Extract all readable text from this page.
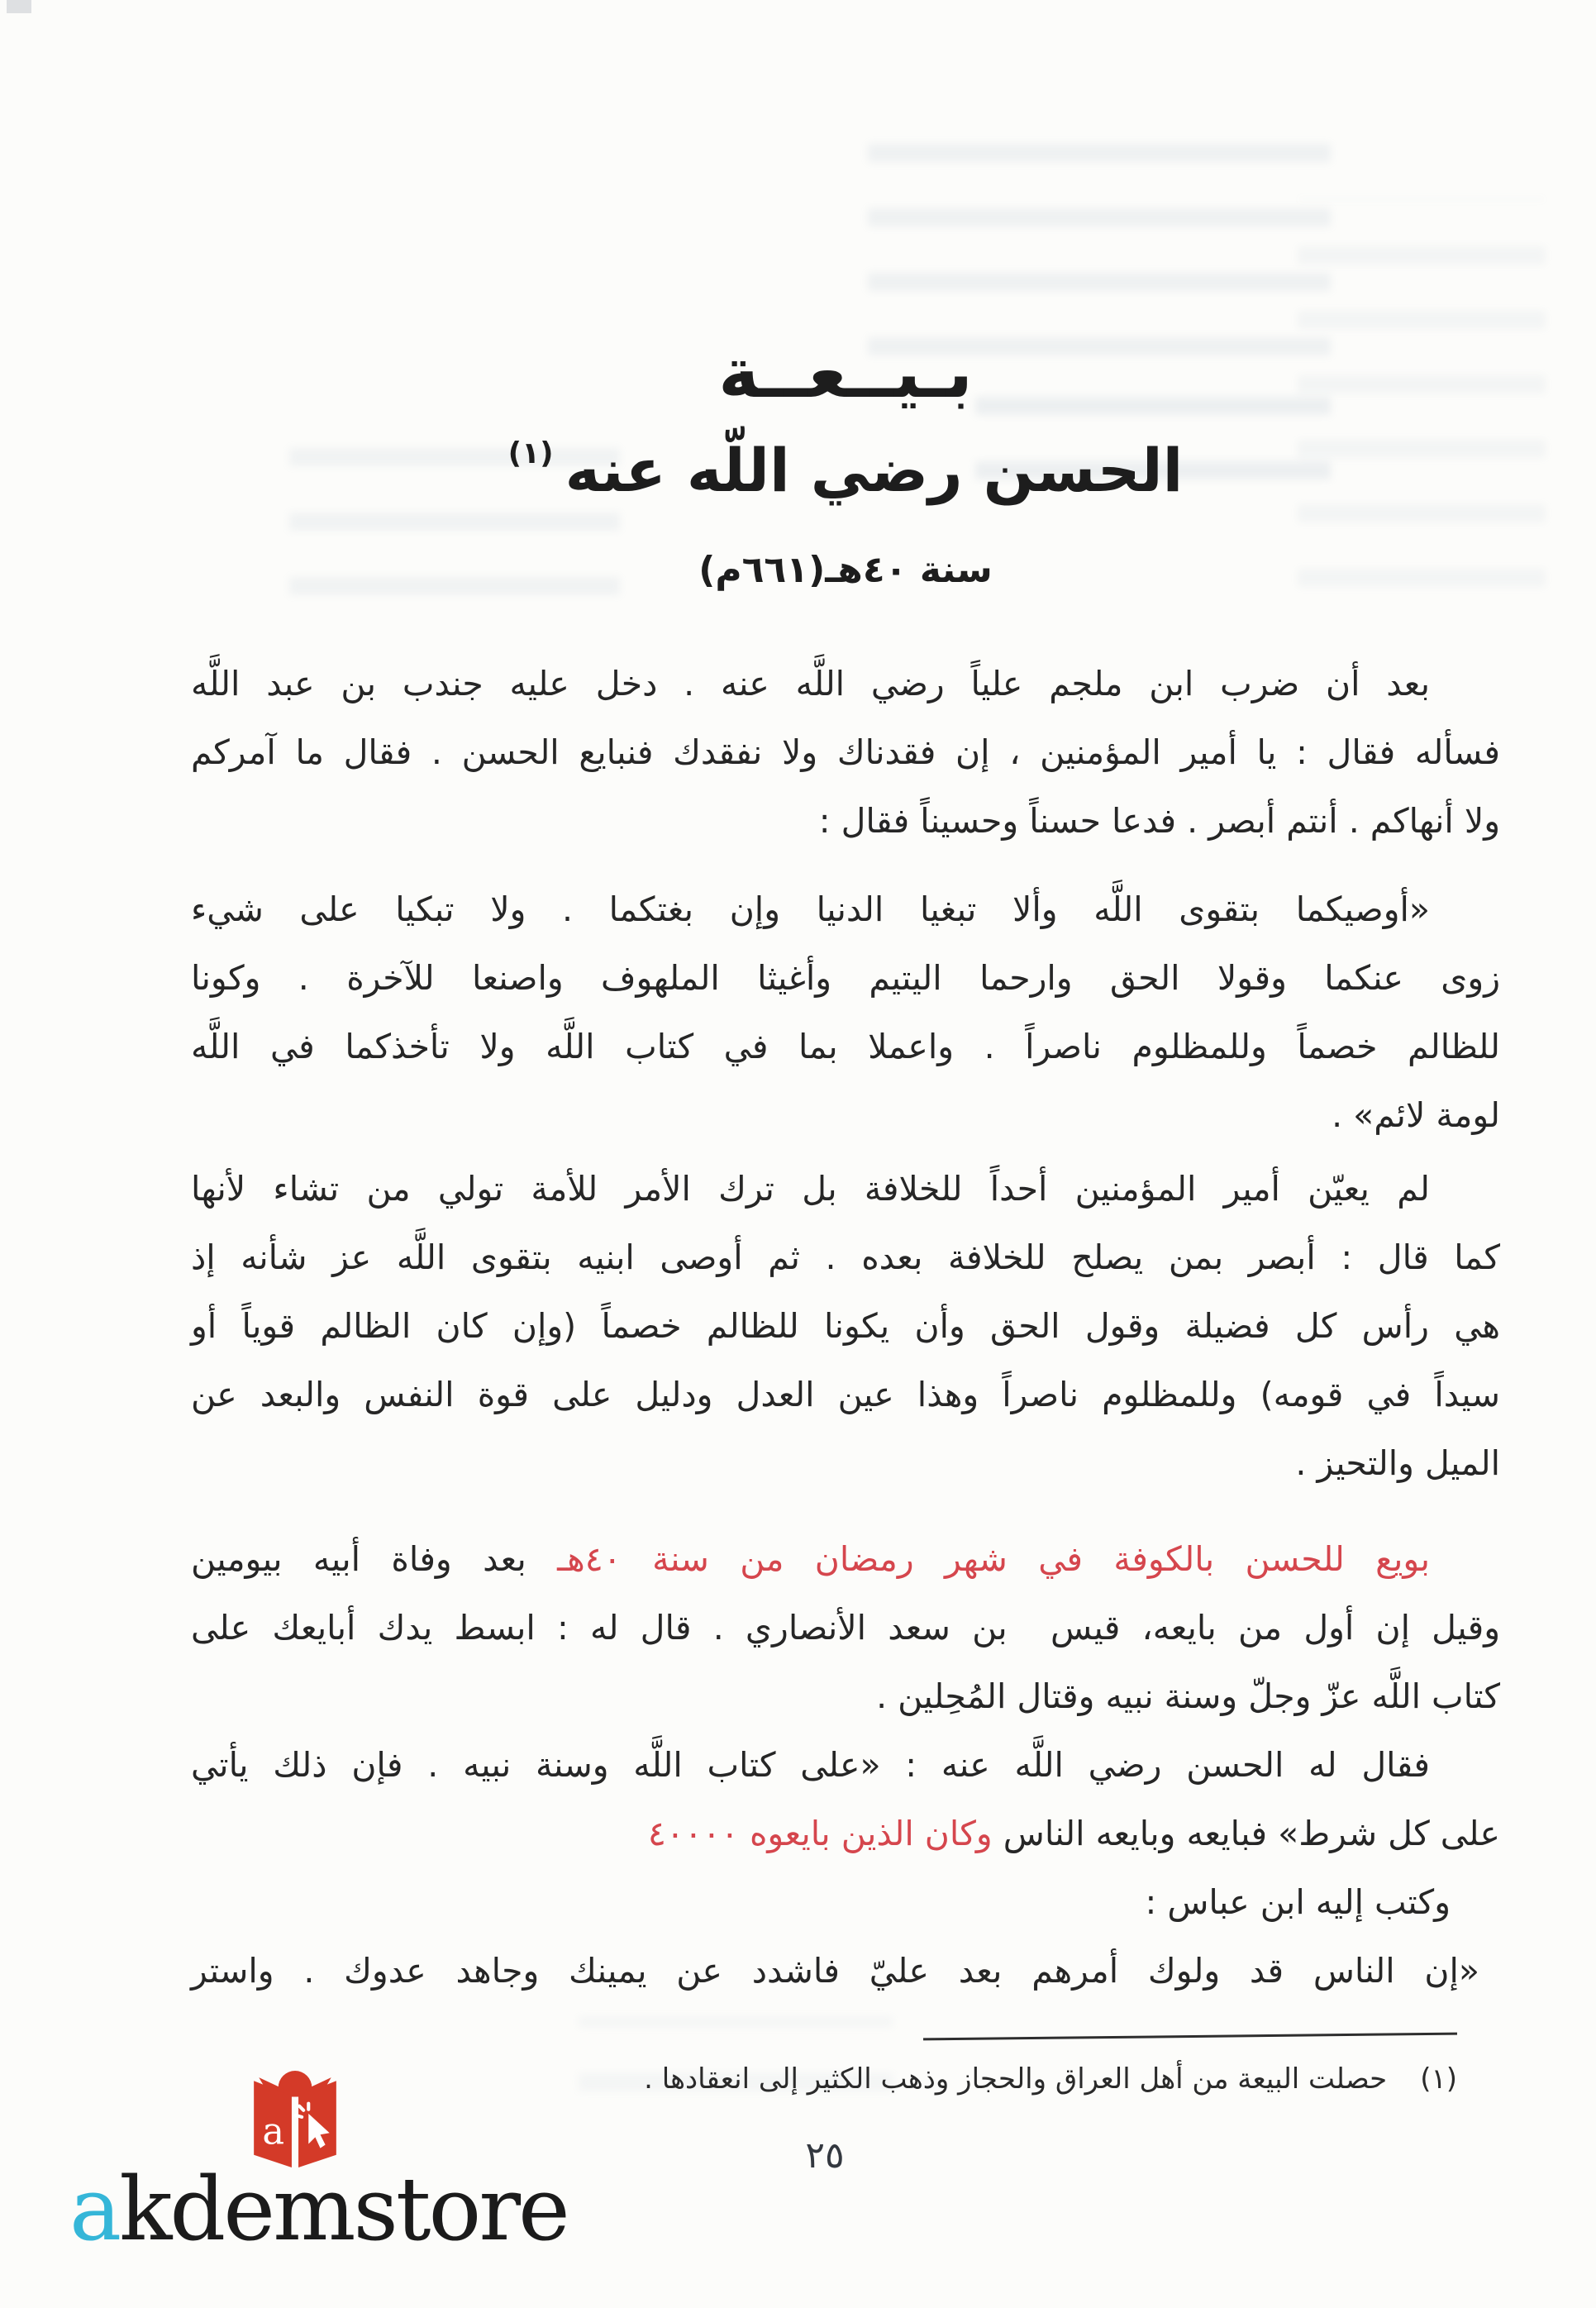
بـيــعــة
الحسن رضي اللّه عنه$^{(١)}$
سنة ٤٠هـ(٦٦١م)
بعد أن ضرب ابن ملجم علياً رضي اللَّه عنه . دخل عليه جندب بن عبد اللَّه
فسأله فقال : يا أمير المؤمنين ، إن فقدناك ولا نفقدك فنبايع الحسن . فقال ما آمركم
ولا أنهاكم . أنتم أبصر . فدعا حسناً وحسيناً فقال :
«أوصيكما بتقوى اللَّه وألا تبغيا الدنيا وإن بغتكما . ولا تبكيا على شيء
زوى عنكما وقولا الحق وارحما اليتيم وأغيثا الملهوف واصنعا للآخرة . وكونا
للظالم خصماً وللمظلوم ناصراً . واعملا بما في كتاب اللَّه ولا تأخذكما في اللَّه
لومة لائم» .
لم يعيّن أمير المؤمنين أحداً للخلافة بل ترك الأمر للأمة تولي من تشاء لأنها
كما قال : أبصر بمن يصلح للخلافة بعده . ثم أوصى ابنيه بتقوى اللَّه عز شأنه إذ
هي رأس كل فضيلة وقول الحق وأن يكونا للظالم خصماً (وإن كان الظالم قوياً أو
سيداً في قومه) وللمظلوم ناصراً وهذا عين العدل ودليل على قوة النفس والبعد عن
الميل والتحيز .
بويع للحسن بالكوفة في شهر رمضان من سنة ٤٠هـ بعد وفاة أبيه بيومين
وقيل إن أول من بايعه، قيس  بن سعد الأنصاري . قال له : ابسط يدك أبايعك على
كتاب اللَّه عزّ وجلّ وسنة نبيه وقتال المُحِلين .
فقال له الحسن رضي اللَّه عنه : «على كتاب اللَّه وسنة نبيه . فإن ذلك يأتي
على كل شرط» فبايعه وبايعه الناس وكان الذين بايعوه ٤٠٠٠٠
وكتب إليه ابن عباس :
«إن الناس قد ولوك أمرهم بعد عليّ فاشدد عن يمينك وجاهد عدوك . واستر
(١)حصلت البيعة من أهل العراق والحجاز وذهب الكثير إلى انعقادها .
٢٥
a
akdemstore
